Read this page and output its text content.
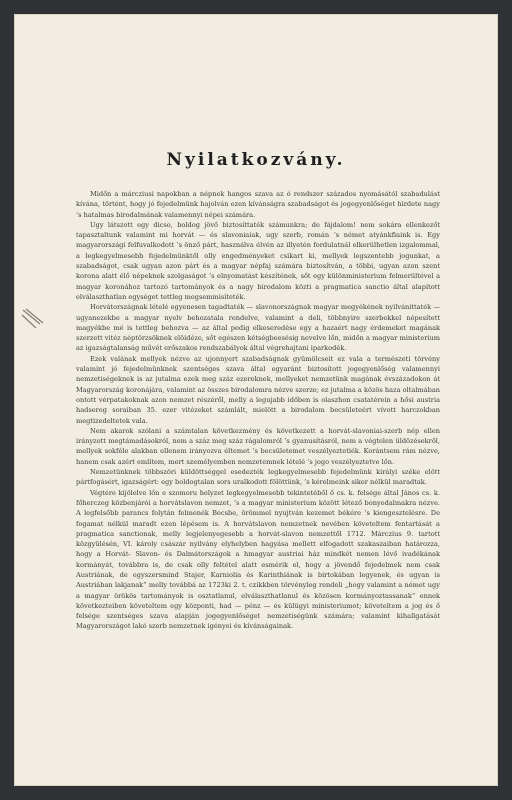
Nyilatkozvány.

Midőn a márcziusi napokban a népnek hangos szava az ó rendszer százados nyomásától szabadulást kívána, történt, hogy jó fejedelmünk hajolván ezen kívánságra szabadságot és jogegyenlőséget hirdete nagy ’s hatalmas birodalmának valamennyi népei számára.

Ugy látszott egy dicso, boldog jövő biztosíttaték számunkra; de fájdalom! nem sokára ellenkezőt tapasztaltunk valamint mi horvát — és slavoniaiak, ugy szerb, román ’s német atyánkfiaink is. Egy magyarországi felfuvalkodott ’s önző párt, használva élvén az illyetén fordulatnál elkerülhetlen izgalommal, a legkegyelmesebb fejedelmünktől olly engedményeket csikart ki, mellyek legszentebb jogunkat, a szabadságot, csak ugyan azon párt és a magyar népfaj számára biztosítván, a többi, ugyan azon szent korona alatt élő népeknek szolgaságot ’s elnyomatást készítének, sőt egy különministerium felmerültével a magyar koronához tartozó tartományok és a nagy birodalom közti a pragmatica sanctio által alapított elválaszthatlan egységet tettleg megsemmisíteték.

Horvátországnak lételé egyenesen tagadtaték — slavonországnak magyar megyékének nyilvánittaték — ugyanezekbe a magyar nyelv behozatala rendelve, valamint a deli, többnyire szerbekkel népesített magyékbe mé is tettleg behozva — az által pedig elkeseredése egy a hazaért nagy érdemeket magának szerzett vitéz néptörzsöknek elöidéze, sőt egészen kétségbeesésig nevelve lőn, midőn a magyar ministerium az igazságtalanság művét erőszakos rendszabályok által végrehajtani iparkodék.

Ezek valának mellyek nézve az ujonnyert szabadságnak gyümölcseit ez vala a természeti törvény valamint jó fejedelmünknek szentséges szava által egyaránt biztosított jogegyenlőség valamennyi nemzetiségeknek is az jutalma ezek meg száz ezereknek, mellyeket nemzetünk magának évszázadokon át Magyarország koronájára, valamint az összes birodalomra nézve szerze; ez jutalma a közös haza oltalmában ontott vérpatakoknak azon nemzet részéről, melly a legujabb időben is olaszhon csatatérein a hősi austria hadsereg soraiban 35. ezer vitézeket számlált, mielött a birodalom becsületeért vívott harczokban megtizedeltetek vala.

Nem akarok szólani a számtalan következmény és következett a horvát-slavoniai-szerb nép ellen irányzott megtámadásokról, nem a száz meg száz rágalomról ’s gyanusításról, nem a végtelen üldözésekről, mellyek sokféle alakban ellenem irányozva éltemet ’s becsületemet veszélyeztetiék. Korántsem rám nézve, hanem csak azért említem, mert személyemben nemzetemnek lételé ’s jogo veszélyeztetve lőn.

Nemzetünknek többszöri küldöttséggel esedezték legkegyelmesebb fejedelmünk királyi széke elött pártfogásért, igazságért: egy boldogtalan sors uralkodott fölöttünk, ’s kérelmeink siker nélkül maradtak.

Végtére kijölelve lőn e szomoru helyzet legkegyelmesebb tekintetéből ő cs. k. felsége által János cs. k. főherczeg közbenjárói a horvátslavon nemzet, ’s a magyar ministerium között létező bonyodalmakra nézve. A legfelsőbb parancs folytán felmenék Becsbe, örömmel nyujtván kezemet békére ’s kiengesztelésre. De fogamat nélkül maradt ezen lépésem is. A horvátslavon nemzetnek nevében követeltem fentartását a pragmatica sanctionak, melly legjelenyegesebb a horvát-slavon nemzettől 1712. Márczius 9. tartott közgyülésén, VI. károly császár nyilvány elyhelyben hagyása mellett elfogadott szakaszaiban határozza, hogy a Horvát- Slavon- és Dalmátországok a hmagyar austriai ház mindkét nemen lévő ivadékának kormányát, továbbra is, de csak olly feltétel alatt esmérik el, hogy a jövendő fejedelmek nem csak Austriának, de egyszersmind Stajer, Karniolia és Karinthiának is birtokában legyenek, és ugyan is Austriában lakjanak” melly továbbá az 1723ki 2. t. czikkben törvényleg rendeli „hogy valamint a német ugy a magyar örökös tartományok is osztatlanul, elválaszthatlanul és közösen kormányoztassanak” ennek következteiben követeltem egy központi, had — pénz — és külügyi ministeriumot; követeltem a jog és ő felsége szentséges szava alapján jogegyenlőséget nemzetiségünk számára; valamint kihallgatását Magyarországot lakó szerb nemzetnek igényei és kívánságainak.
